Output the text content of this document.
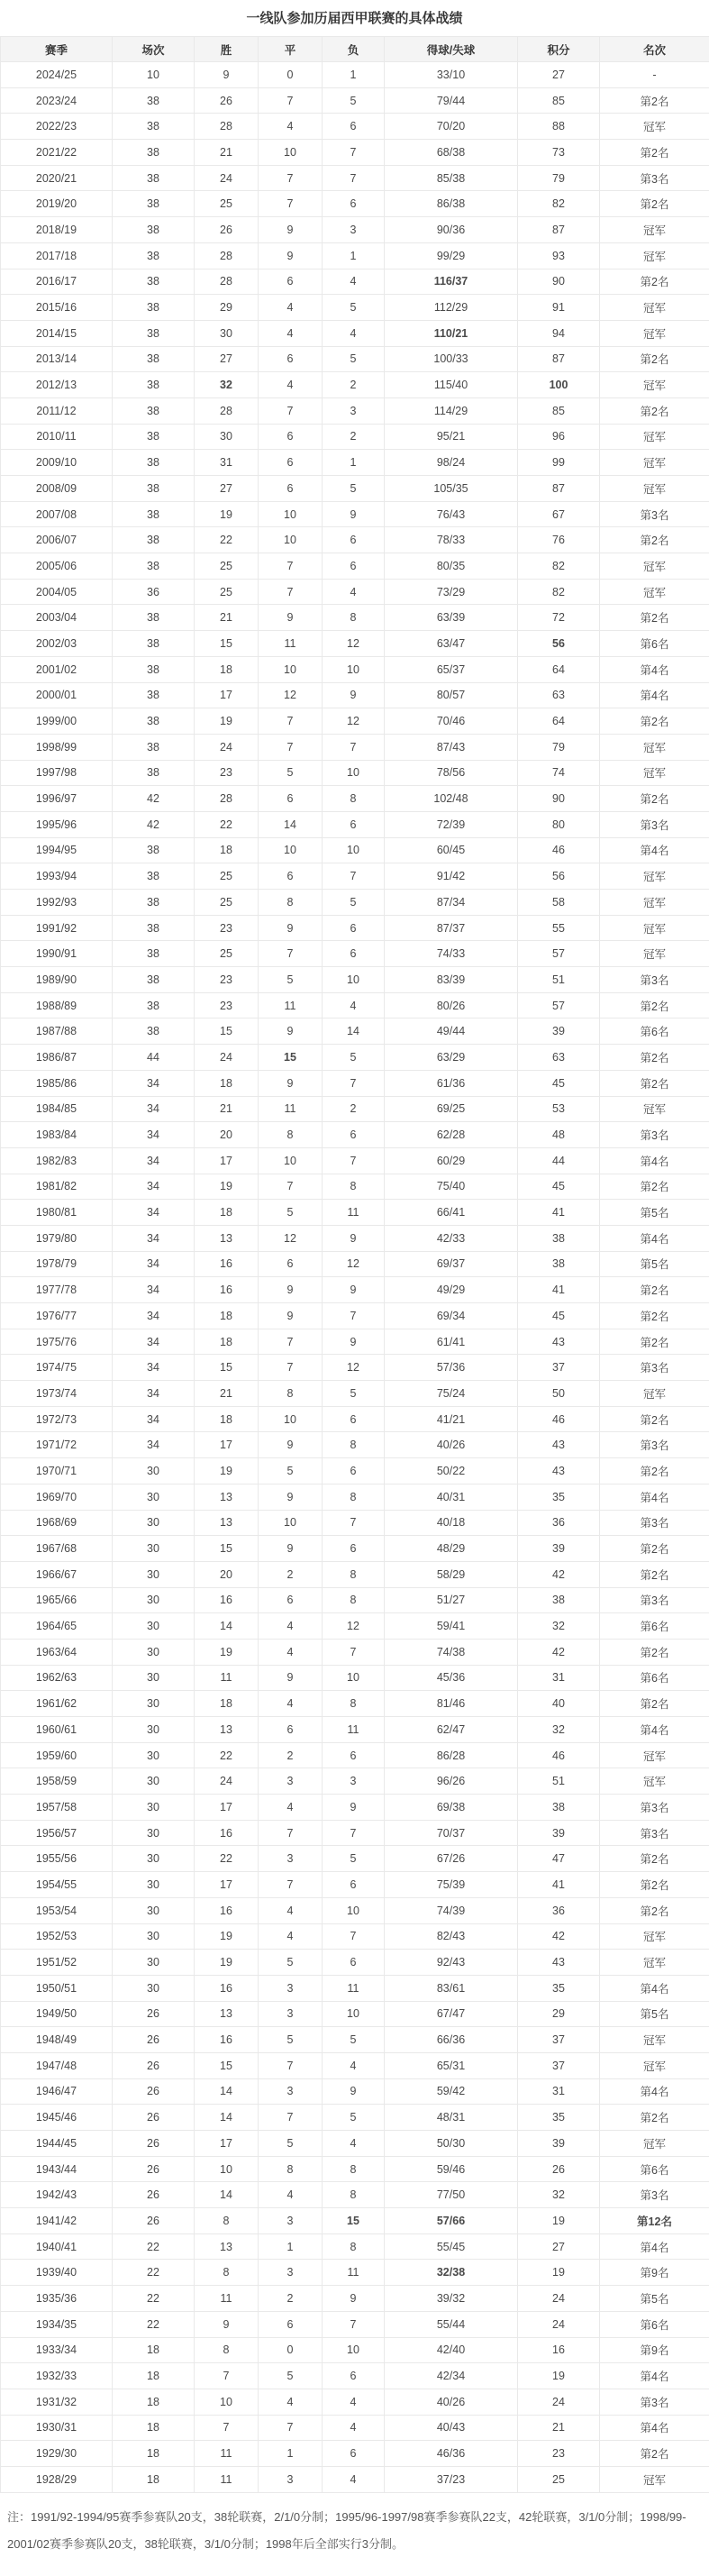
一线队参加历届西甲联赛的具体战绩
赛季	场次	胜	平	负	得球/失球	积分	名次
2024/25	10	9	0	1	33/10	27	-
2023/24	38	26	7	5	79/44	85	第2名
2022/23	38	28	4	6	70/20	88	冠军
2021/22	38	21	10	7	68/38	73	第2名
2020/21	38	24	7	7	85/38	79	第3名
2019/20	38	25	7	6	86/38	82	第2名
2018/19	38	26	9	3	90/36	87	冠军
2017/18	38	28	9	1	99/29	93	冠军
2016/17	38	28	6	4	116/37	90	第2名
2015/16	38	29	4	5	112/29	91	冠军
2014/15	38	30	4	4	110/21	94	冠军
2013/14	38	27	6	5	100/33	87	第2名
2012/13	38	32	4	2	115/40	100	冠军
2011/12	38	28	7	3	114/29	85	第2名
2010/11	38	30	6	2	95/21	96	冠军
2009/10	38	31	6	1	98/24	99	冠军
2008/09	38	27	6	5	105/35	87	冠军
2007/08	38	19	10	9	76/43	67	第3名
2006/07	38	22	10	6	78/33	76	第2名
2005/06	38	25	7	6	80/35	82	冠军
2004/05	36	25	7	4	73/29	82	冠军
2003/04	38	21	9	8	63/39	72	第2名
2002/03	38	15	11	12	63/47	56	第6名
2001/02	38	18	10	10	65/37	64	第4名
2000/01	38	17	12	9	80/57	63	第4名
1999/00	38	19	7	12	70/46	64	第2名
1998/99	38	24	7	7	87/43	79	冠军
1997/98	38	23	5	10	78/56	74	冠军
1996/97	42	28	6	8	102/48	90	第2名
1995/96	42	22	14	6	72/39	80	第3名
1994/95	38	18	10	10	60/45	46	第4名
1993/94	38	25	6	7	91/42	56	冠军
1992/93	38	25	8	5	87/34	58	冠军
1991/92	38	23	9	6	87/37	55	冠军
1990/91	38	25	7	6	74/33	57	冠军
1989/90	38	23	5	10	83/39	51	第3名
1988/89	38	23	11	4	80/26	57	第2名
1987/88	38	15	9	14	49/44	39	第6名
1986/87	44	24	15	5	63/29	63	第2名
1985/86	34	18	9	7	61/36	45	第2名
1984/85	34	21	11	2	69/25	53	冠军
1983/84	34	20	8	6	62/28	48	第3名
1982/83	34	17	10	7	60/29	44	第4名
1981/82	34	19	7	8	75/40	45	第2名
1980/81	34	18	5	11	66/41	41	第5名
1979/80	34	13	12	9	42/33	38	第4名
1978/79	34	16	6	12	69/37	38	第5名
1977/78	34	16	9	9	49/29	41	第2名
1976/77	34	18	9	7	69/34	45	第2名
1975/76	34	18	7	9	61/41	43	第2名
1974/75	34	15	7	12	57/36	37	第3名
1973/74	34	21	8	5	75/24	50	冠军
1972/73	34	18	10	6	41/21	46	第2名
1971/72	34	17	9	8	40/26	43	第3名
1970/71	30	19	5	6	50/22	43	第2名
1969/70	30	13	9	8	40/31	35	第4名
1968/69	30	13	10	7	40/18	36	第3名
1967/68	30	15	9	6	48/29	39	第2名
1966/67	30	20	2	8	58/29	42	第2名
1965/66	30	16	6	8	51/27	38	第3名
1964/65	30	14	4	12	59/41	32	第6名
1963/64	30	19	4	7	74/38	42	第2名
1962/63	30	11	9	10	45/36	31	第6名
1961/62	30	18	4	8	81/46	40	第2名
1960/61	30	13	6	11	62/47	32	第4名
1959/60	30	22	2	6	86/28	46	冠军
1958/59	30	24	3	3	96/26	51	冠军
1957/58	30	17	4	9	69/38	38	第3名
1956/57	30	16	7	7	70/37	39	第3名
1955/56	30	22	3	5	67/26	47	第2名
1954/55	30	17	7	6	75/39	41	第2名
1953/54	30	16	4	10	74/39	36	第2名
1952/53	30	19	4	7	82/43	42	冠军
1951/52	30	19	5	6	92/43	43	冠军
1950/51	30	16	3	11	83/61	35	第4名
1949/50	26	13	3	10	67/47	29	第5名
1948/49	26	16	5	5	66/36	37	冠军
1947/48	26	15	7	4	65/31	37	冠军
1946/47	26	14	3	9	59/42	31	第4名
1945/46	26	14	7	5	48/31	35	第2名
1944/45	26	17	5	4	50/30	39	冠军
1943/44	26	10	8	8	59/46	26	第6名
1942/43	26	14	4	8	77/50	32	第3名
1941/42	26	8	3	15	57/66	19	第12名
1940/41	22	13	1	8	55/45	27	第4名
1939/40	22	8	3	11	32/38	19	第9名
1935/36	22	11	2	9	39/32	24	第5名
1934/35	22	9	6	7	55/44	24	第6名
1933/34	18	8	0	10	42/40	16	第9名
1932/33	18	7	5	6	42/34	19	第4名
1931/32	18	10	4	4	40/26	24	第3名
1930/31	18	7	7	4	40/43	21	第4名
1929/30	18	11	1	6	46/36	23	第2名
1928/29	18	11	3	4	37/23	25	冠军
注：1991/92-1994/95赛季参赛队20支，38轮联赛，2/1/0分制；1995/96-1997/98赛季参赛队22支，42轮联赛，3/1/0分制；1998/99-2001/02赛季参赛队20支，38轮联赛，3/1/0分制；1998年后全部实行3分制。
